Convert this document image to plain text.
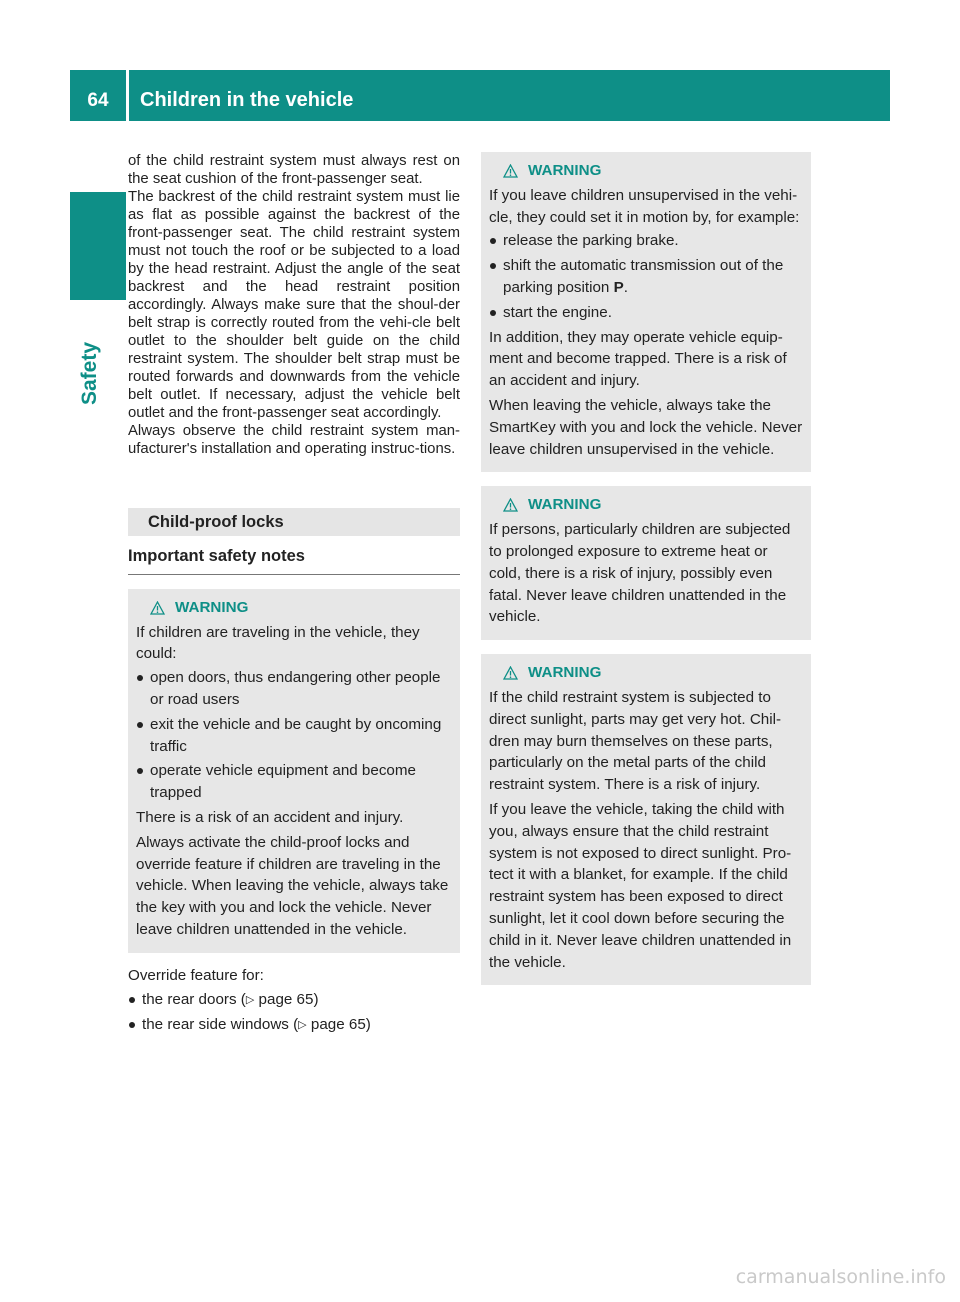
64	Children in the vehicle
Safety

of the child restraint system must always rest on the seat cushion of the front-passenger seat.

The backrest of the child restraint system must lie as flat as possible against the backrest of the front-passenger seat. The child restraint system must not touch the roof or be subjected to a load by the head restraint. Adjust the angle of the seat backrest and the head restraint position accordingly. Always make sure that the shoul-der belt strap is correctly routed from the vehi-cle belt outlet to the shoulder belt guide on the child restraint system. The shoulder belt strap must be routed forwards and downwards from the vehicle belt outlet. If necessary, adjust the vehicle belt outlet and the front-passenger seat accordingly.

Always observe the child restraint system man-ufacturer's installation and operating instruc-tions.

Child-proof locks
Important safety notes
WARNING

If children are traveling in the vehicle, they could:

open doors, thus endangering other people or road users
exit the vehicle and be caught by oncoming traffic
operate vehicle equipment and become trapped

There is a risk of an accident and injury.

Always activate the child-proof locks and override feature if children are traveling in the vehicle. When leaving the vehicle, always take the key with you and lock the vehicle. Never leave children unattended in the vehicle.

Override feature for:

the rear doors (▷ page 65)
the rear side windows (▷ page 65)
WARNING

If you leave children unsupervised in the vehi-cle, they could set it in motion by, for example:

release the parking brake.
shift the automatic transmission out of the parking position P.
start the engine.

In addition, they may operate vehicle equip-ment and become trapped. There is a risk of an accident and injury.

When leaving the vehicle, always take the SmartKey with you and lock the vehicle. Never leave children unsupervised in the vehicle.

WARNING

If persons, particularly children are subjected to prolonged exposure to extreme heat or cold, there is a risk of injury, possibly even fatal. Never leave children unattended in the vehicle.

WARNING

If the child restraint system is subjected to direct sunlight, parts may get very hot. Chil-dren may burn themselves on these parts, particularly on the metal parts of the child restraint system. There is a risk of injury.

If you leave the vehicle, taking the child with you, always ensure that the child restraint system is not exposed to direct sunlight. Pro-tect it with a blanket, for example. If the child restraint system has been exposed to direct sunlight, let it cool down before securing the child in it. Never leave children unattended in the vehicle.

carmanualsonline.info
